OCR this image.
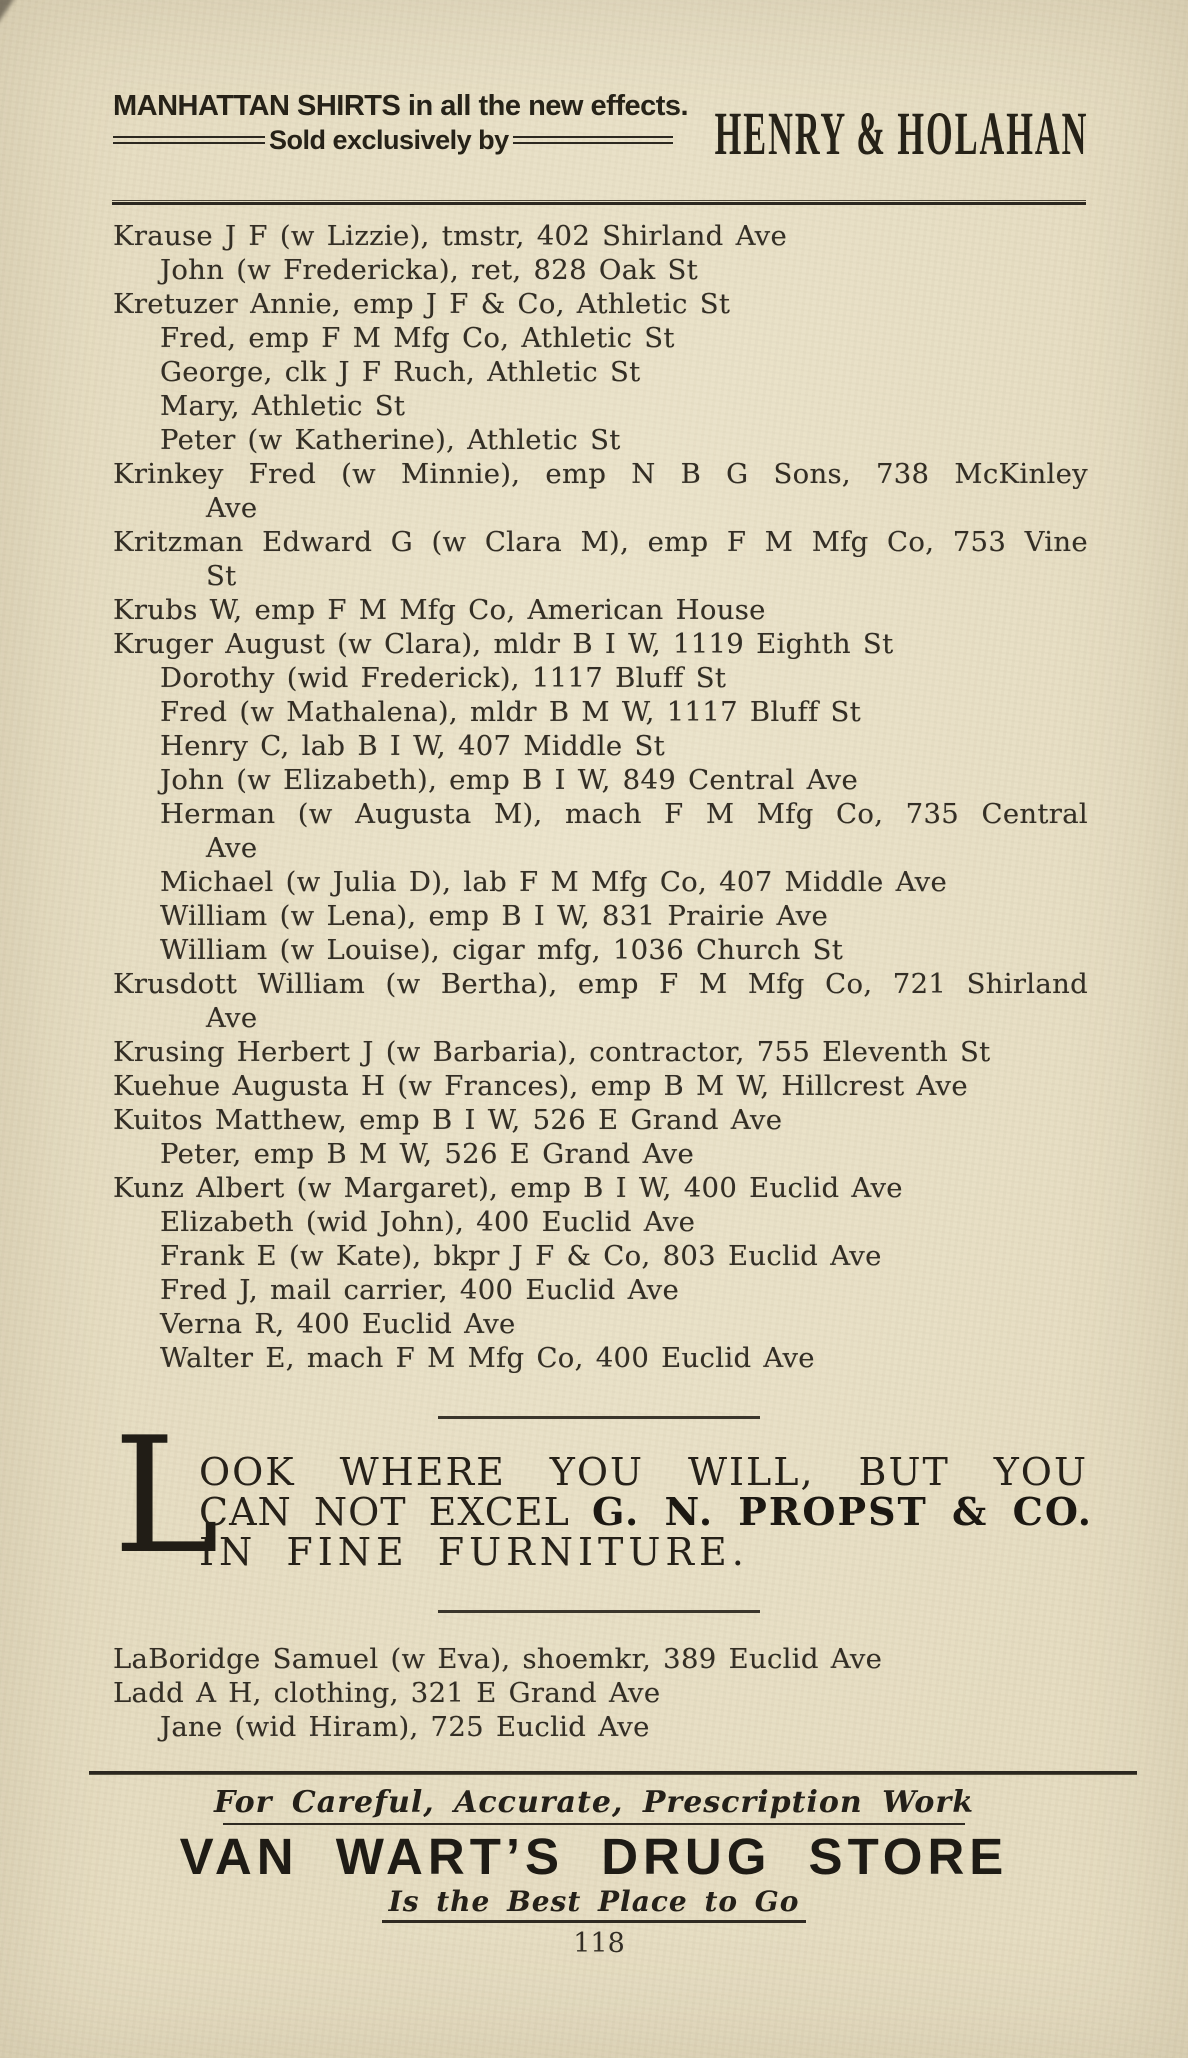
MANHATTAN SHIRTS in all the new effects.
Sold exclusively by	HENRY & HOLAHAN
Krause J F (w Lizzie), tmstr, 402 Shirland Ave
John (w Fredericka), ret, 828 Oak St
Kretuzer Annie, emp J F & Co, Athletic St
Fred, emp F M Mfg Co, Athletic St
George, clk J F Ruch, Athletic St
Mary, Athletic St
Peter (w Katherine), Athletic St
Krinkey Fred (w Minnie), emp N B G Sons, 738 McKinley
Ave
Kritzman Edward G (w Clara M), emp F M Mfg Co, 753 Vine
St
Krubs W, emp F M Mfg Co, American House
Kruger August (w Clara), mldr B I W, 1119 Eighth St
Dorothy (wid Frederick), 1117 Bluff St
Fred (w Mathalena), mldr B M W, 1117 Bluff St
Henry C, lab B I W, 407 Middle St
John (w Elizabeth), emp B I W, 849 Central Ave
Herman (w Augusta M), mach F M Mfg Co, 735 Central
Ave
Michael (w Julia D), lab F M Mfg Co, 407 Middle Ave
William (w Lena), emp B I W, 831 Prairie Ave
William (w Louise), cigar mfg, 1036 Church St
Krusdott William (w Bertha), emp F M Mfg Co, 721 Shirland
Ave
Krusing Herbert J (w Barbaria), contractor, 755 Eleventh St
Kuehue Augusta H (w Frances), emp B M W, Hillcrest Ave
Kuitos Matthew, emp B I W, 526 E Grand Ave
Peter, emp B M W, 526 E Grand Ave
Kunz Albert (w Margaret), emp B I W, 400 Euclid Ave
Elizabeth (wid John), 400 Euclid Ave
Frank E (w Kate), bkpr J F & Co, 803 Euclid Ave
Fred J, mail carrier, 400 Euclid Ave
Verna R, 400 Euclid Ave
Walter E, mach F M Mfg Co, 400 Euclid Ave
L
OOK WHERE YOU WILL, BUT YOU
CAN NOT EXCEL G. N. PROPST & CO.
IN FINE FURNITURE.
LaBoridge Samuel (w Eva), shoemkr, 389 Euclid Ave
Ladd A H, clothing, 321 E Grand Ave
Jane (wid Hiram), 725 Euclid Ave
For Careful, Accurate, Prescription Work
VAN WART’S DRUG STORE
Is the Best Place to Go
118
